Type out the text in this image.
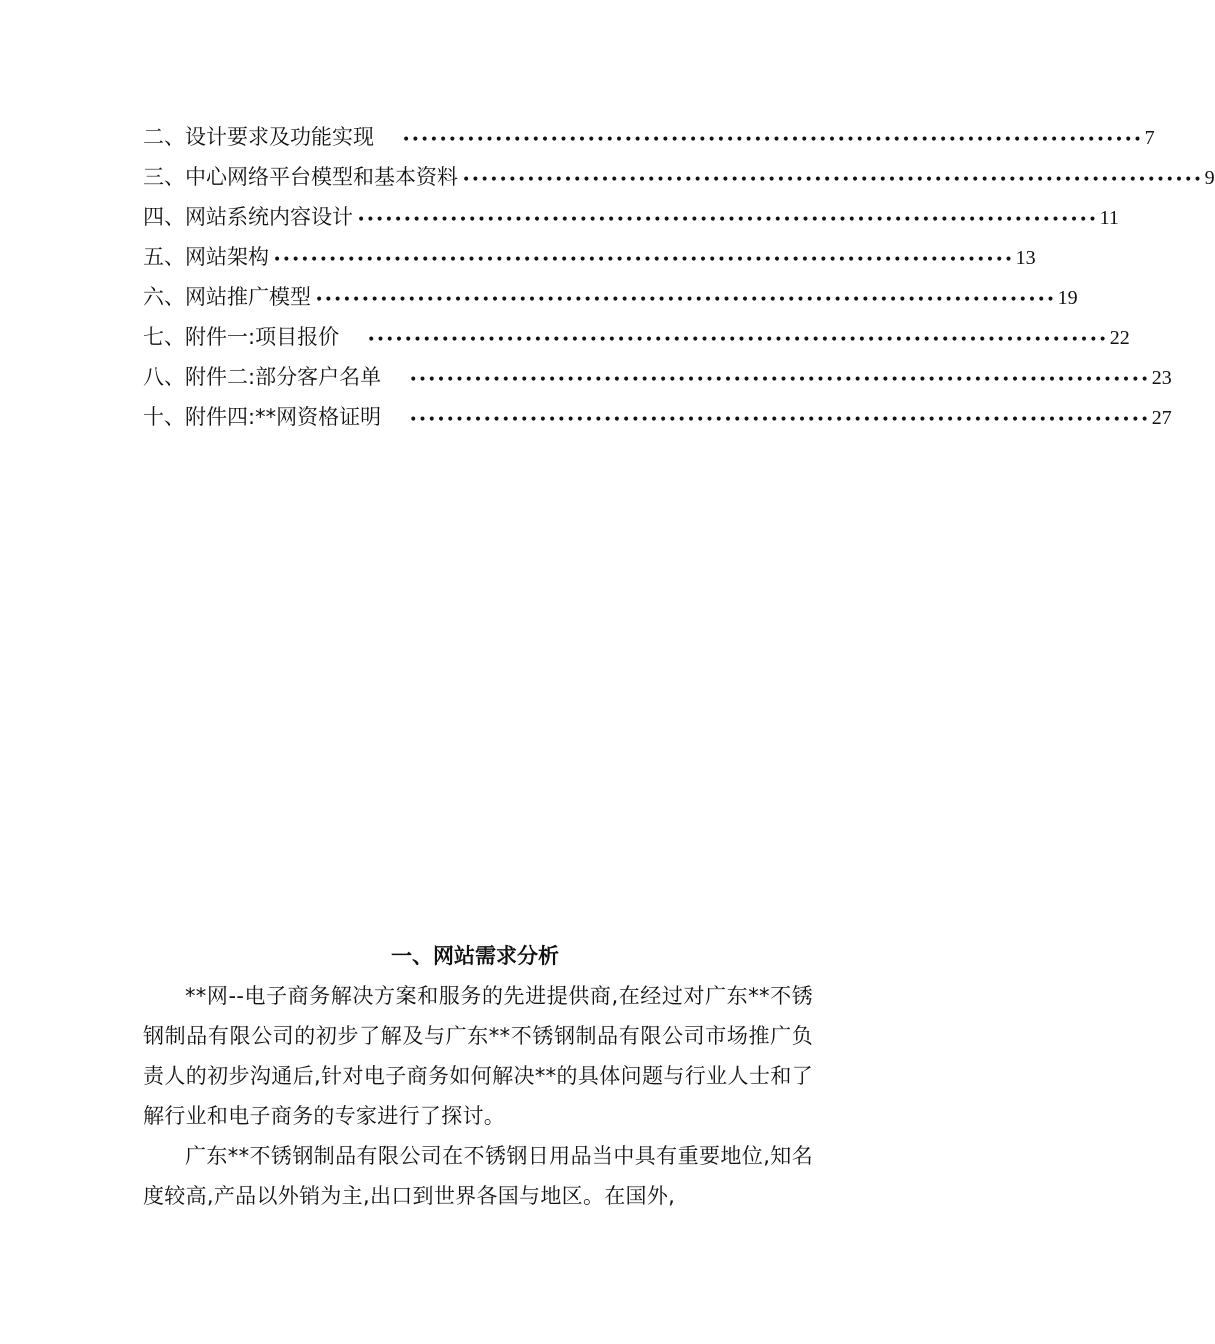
二、设计要求及功能实现 •••••••••••••••••••••••••••••••••••••••••••••••••••••••••••••••••••••••••••••••• 7
三、中心网络平台模型和基本资料 •••••••••••••••••••••••••••••••••••••••••••••••••••••••••••••••••••••••••••••••• 9
四、网站系统内容设计 •••••••••••••••••••••••••••••••••••••••••••••••••••••••••••••••••••••••••••••••• 11
五、网站架构 •••••••••••••••••••••••••••••••••••••••••••••••••••••••••••••••••••••••••••••••• 13
六、网站推广模型 •••••••••••••••••••••••••••••••••••••••••••••••••••••••••••••••••••••••••••••••• 19
七、附件一:项目报价 •••••••••••••••••••••••••••••••••••••••••••••••••••••••••••••••••••••••••••••••• 22
八、附件二:部分客户名单 •••••••••••••••••••••••••••••••••••••••••••••••••••••••••••••••••••••••••••••••• 23
十、附件四:**网资格证明 •••••••••••••••••••••••••••••••••••••••••••••••••••••••••••••••••••••••••••••••• 27
一、网站需求分析

**网--电子商务解决方案和服务的先进提供商,在经过对广东**不锈钢制品有限公司的初步了解及与广东**不锈钢制品有限公司市场推广负责人的初步沟通后,针对电子商务如何解决**的具体问题与行业人士和了解行业和电子商务的专家进行了探讨。

广东**不锈钢制品有限公司在不锈钢日用品当中具有重要地位,知名度较高,产品以外销为主,出口到世界各国与地区。在国外,
